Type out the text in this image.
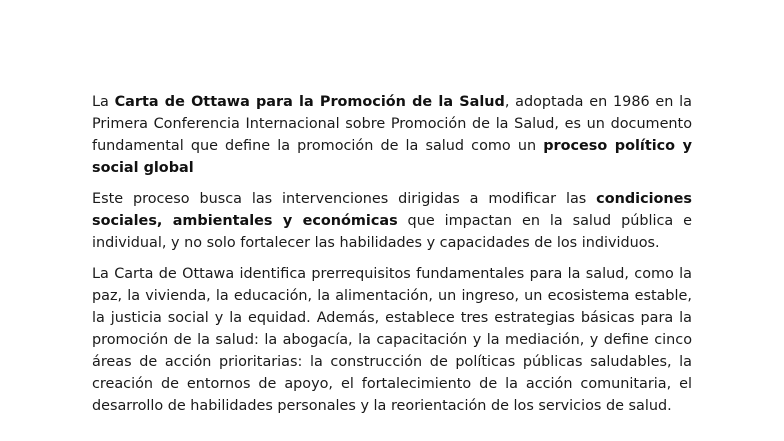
La Carta de Ottawa para la Promoción de la Salud, adoptada en 1986 en la Primera Conferencia Internacional sobre Promoción de la Salud, es un documento fundamental que define la promoción de la salud como un proceso político y social global

Este proceso busca las intervenciones dirigidas a modificar las condiciones sociales, ambientales y económicas que impactan en la salud pública e individual, y no solo fortalecer las habilidades y capacidades de los individuos.

La Carta de Ottawa identifica prerrequisitos fundamentales para la salud, como la paz, la vivienda, la educación, la alimentación, un ingreso, un ecosistema estable, la justicia social y la equidad. Además, establece tres estrategias básicas para la promoción de la salud: la abogacía, la capacitación y la mediación, y define cinco áreas de acción prioritarias: la construcción de políticas públicas saludables, la creación de entornos de apoyo, el fortalecimiento de la acción comunitaria, el desarrollo de habilidades personales y la reorientación de los servicios de salud.
